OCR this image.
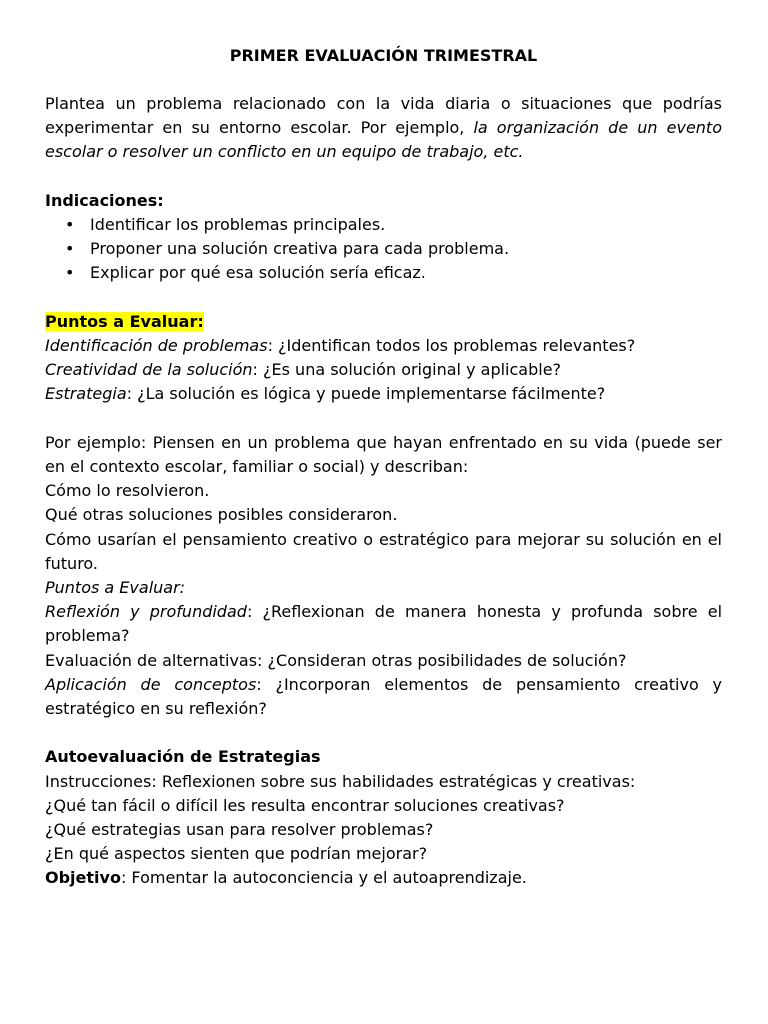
PRIMER EVALUACIÓN TRIMESTRAL

Plantea un problema relacionado con la vida diaria o situaciones que podrías experimentar en su entorno escolar. Por ejemplo, la organización de un evento escolar o resolver un conflicto en un equipo de trabajo, etc.

Indicaciones:

• Identificar los problemas principales.
• Proponer una solución creativa para cada problema.
• Explicar por qué esa solución sería eficaz.

Puntos a Evaluar:

Identificación de problemas: ¿Identifican todos los problemas relevantes?

Creatividad de la solución: ¿Es una solución original y aplicable?

Estrategia: ¿La solución es lógica y puede implementarse fácilmente?

Por ejemplo: Piensen en un problema que hayan enfrentado en su vida (puede ser en el contexto escolar, familiar o social) y describan:

Cómo lo resolvieron.

Qué otras soluciones posibles consideraron.

Cómo usarían el pensamiento creativo o estratégico para mejorar su solución en el futuro.

Puntos a Evaluar:

Reflexión y profundidad: ¿Reflexionan de manera honesta y profunda sobre el problema?

Evaluación de alternativas: ¿Consideran otras posibilidades de solución?

Aplicación de conceptos: ¿Incorporan elementos de pensamiento creativo y estratégico en su reflexión?

Autoevaluación de Estrategias

Instrucciones: Reflexionen sobre sus habilidades estratégicas y creativas:

¿Qué tan fácil o difícil les resulta encontrar soluciones creativas?

¿Qué estrategias usan para resolver problemas?

¿En qué aspectos sienten que podrían mejorar?

Objetivo: Fomentar la autoconciencia y el autoaprendizaje.
